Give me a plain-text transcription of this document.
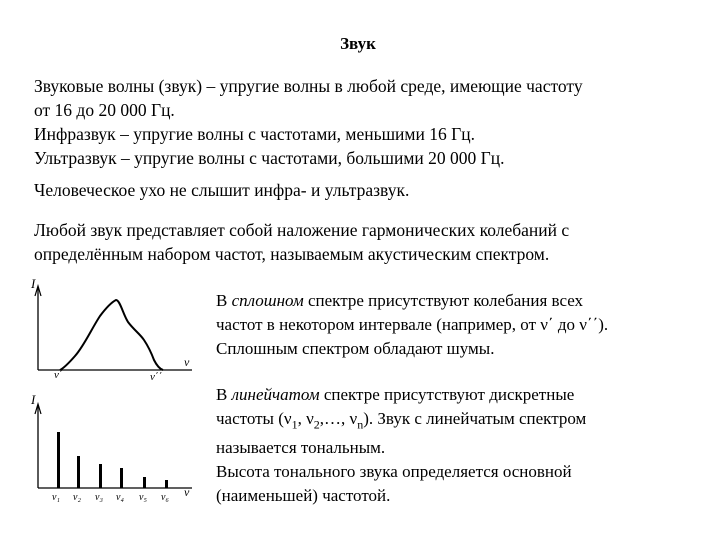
Звук

Звуковые волны (звук) – упругие волны в любой среде, имеющие частоту

от 16 до 20 000 Гц.

Инфразвук – упругие волны с частотами, меньшими 16 Гц.

Ультразвук – упругие волны с частотами, большими 20 000 Гц.

Человеческое ухо не слышит инфра- и ультразвук.

Любой звук представляет собой наложение гармонических колебаний с

определённым набором частот, называемым акустическим спектром.

I
ν΄	ν΄΄
ν
I
ν₁ ν₂ ν₃ ν₄ ν₅ ν₆ ν

В сплошном спектре присутствуют колебания всех

частот в некотором интервале (например, от ν΄ до ν΄΄).

Сплошным спектром обладают шумы.

В линейчатом спектре присутствуют дискретные

частоты ($\nu_1$, $\nu_2,\dots$, $\nu_n$). Звук с линейчатым спектром

называется тональным.

Высота тонального звука определяется основной

(наименьшей) частотой.
